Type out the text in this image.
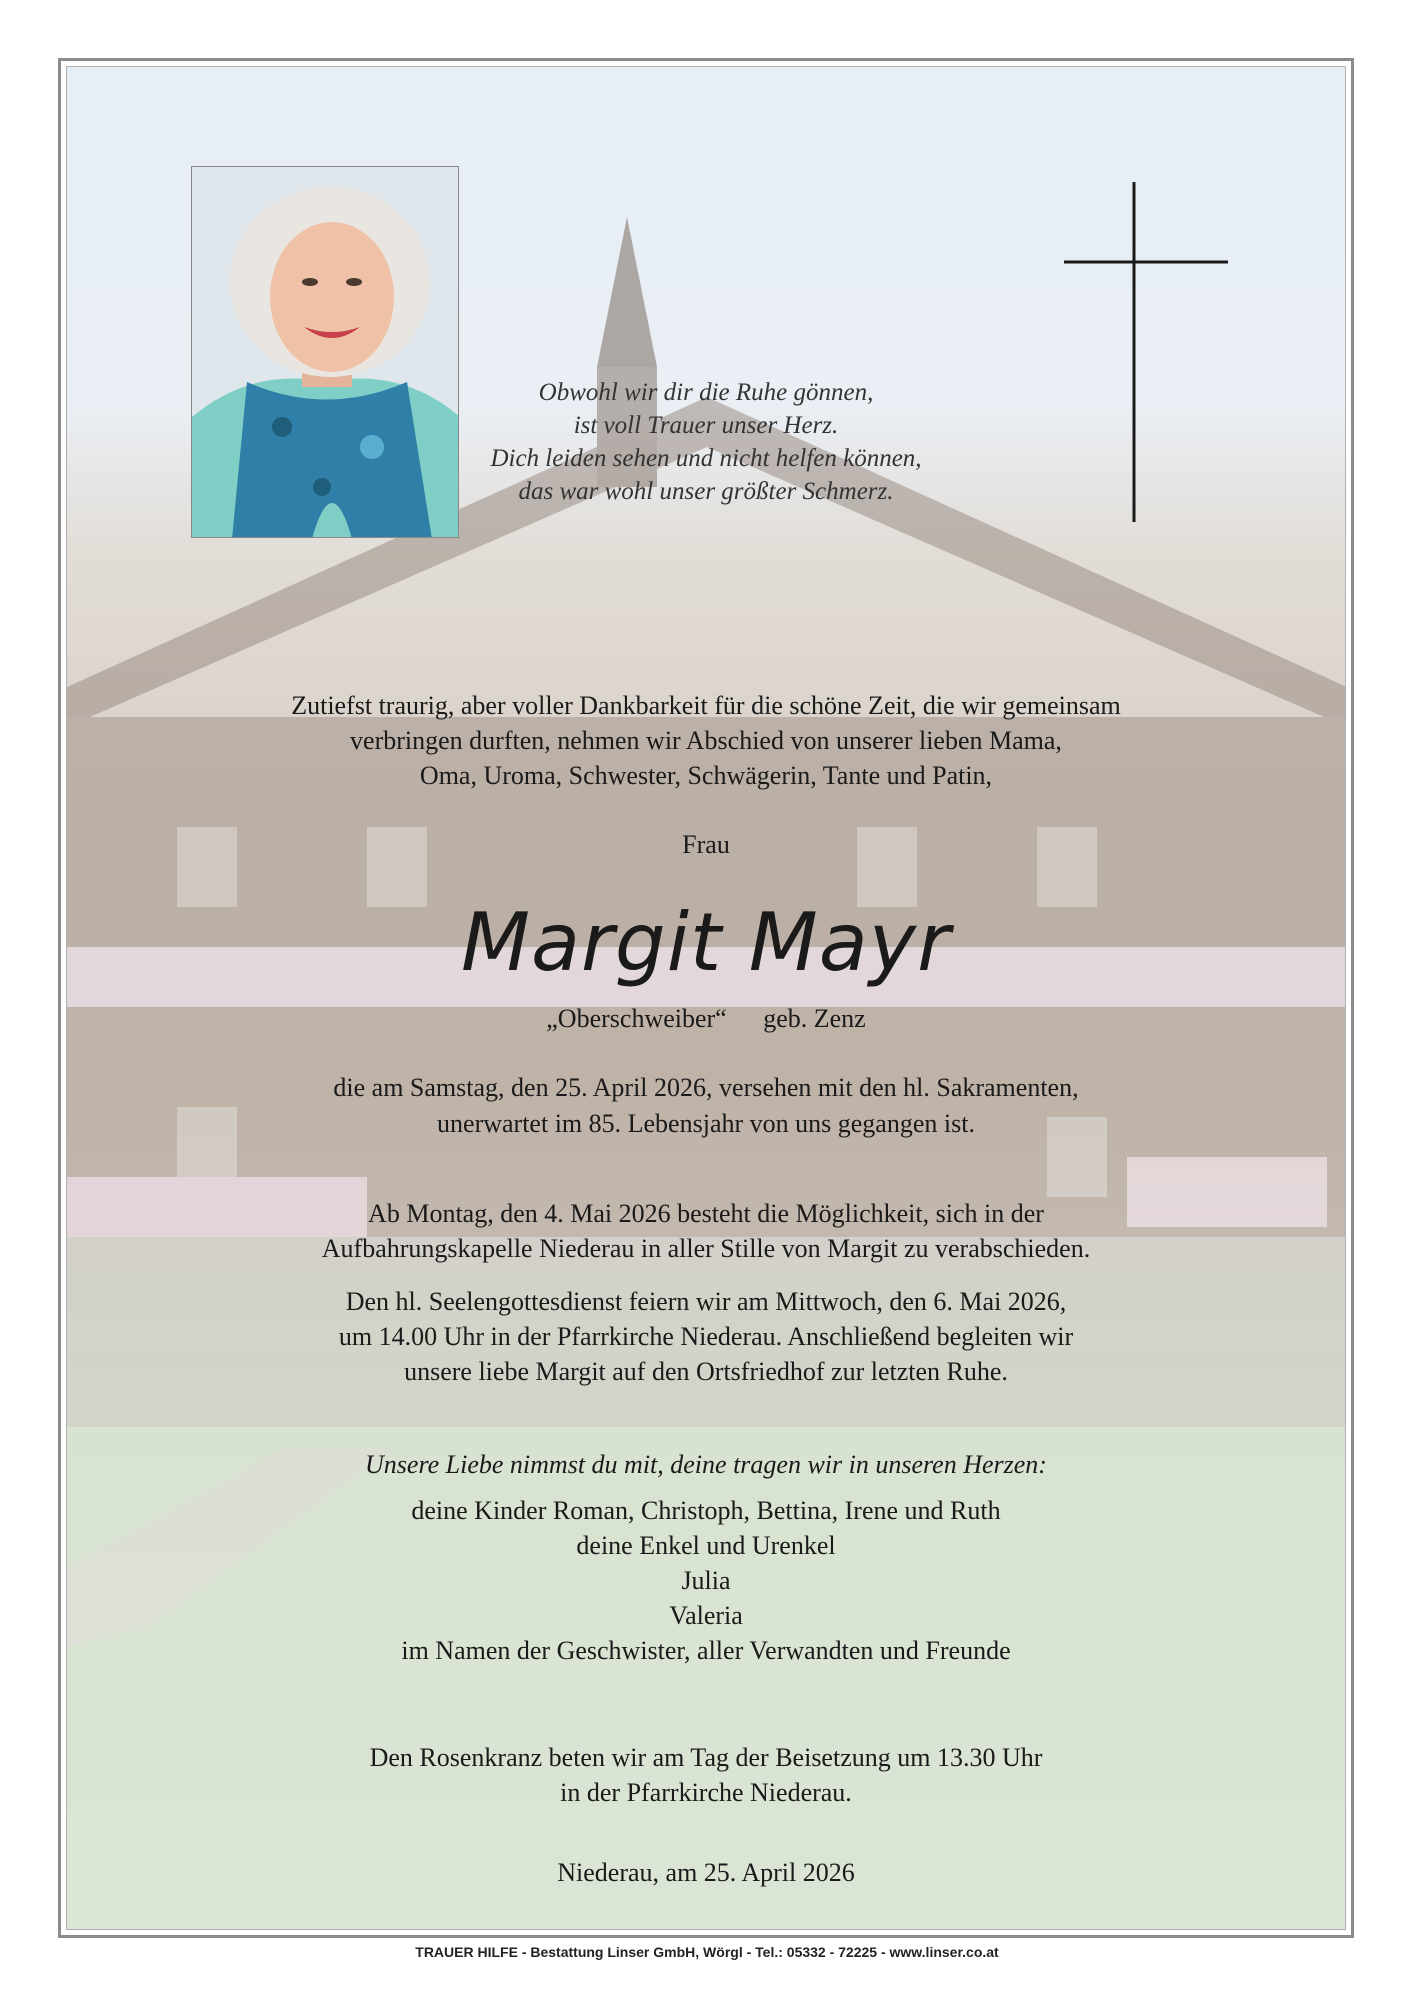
Obwohl wir dir die Ruhe gönnen,
ist voll Trauer unser Herz.
Dich leiden sehen und nicht helfen können,
das war wohl unser größter Schmerz.
Zutiefst traurig, aber voller Dankbarkeit für die schöne Zeit, die wir gemeinsam
verbringen durften, nehmen wir Abschied von unserer lieben Mama,
Oma, Uroma, Schwester, Schwägerin, Tante und Patin,
Frau
Margit Mayr
„Oberschweiber“ geb. Zenz
die am Samstag, den 25. April 2026, versehen mit den hl. Sakramenten,
unerwartet im 85. Lebensjahr von uns gegangen ist.
Ab Montag, den 4. Mai 2026 besteht die Möglichkeit, sich in der
Aufbahrungskapelle Niederau in aller Stille von Margit zu verabschieden.
Den hl. Seelengottesdienst feiern wir am Mittwoch, den 6. Mai 2026,
um 14.00 Uhr in der Pfarrkirche Niederau. Anschließend begleiten wir
unsere liebe Margit auf den Ortsfriedhof zur letzten Ruhe.
Unsere Liebe nimmst du mit, deine tragen wir in unseren Herzen:
deine Kinder Roman, Christoph, Bettina, Irene und Ruth
deine Enkel und Urenkel
Julia
Valeria
im Namen der Geschwister, aller Verwandten und Freunde
Den Rosenkranz beten wir am Tag der Beisetzung um 13.30 Uhr
in der Pfarrkirche Niederau.
Niederau, am 25. April 2026
TRAUER HILFE - Bestattung Linser GmbH, Wörgl - Tel.: 05332 - 72225 - www.linser.co.at
